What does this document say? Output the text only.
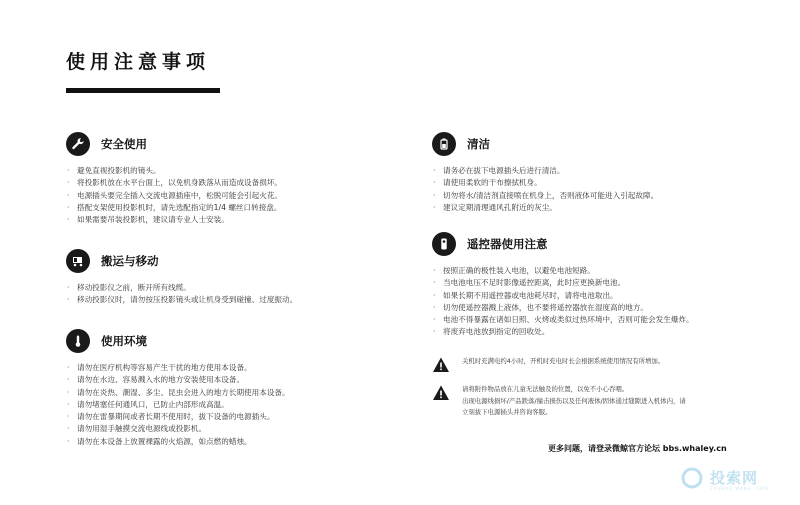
使用注意事项
安全使用
· 避免直视投影机的镜头。
· 将投影机放在水平台面上，以免机身跌落从而造成设备损坏。
· 电源插头要完全插入交流电源插座中，松脱可能会引起火花。
· 搭配支架使用投影机时，请先选配指定的1/4 螺丝口转接盘。
· 如果需要吊装投影机，建议请专业人士安装。
搬运与移动
· 移动投影仪之前，断开所有线缆。
· 移动投影仪时，请勿按压投影镜头或让机身受到碰撞、过度振动。
使用环境
· 请勿在医疗机构等容易产生干扰的地方使用本设备。
· 请勿在水边、容易溅入水的地方安装使用本设备。
· 请勿在炎热、潮湿、多尘、昆虫会进入的地方长期使用本设备。
· 请勿堵塞任何通风口，已防止内部形成高温。
· 请勿在雷暴期间或者长期不使用时，拔下设备的电源插头。
· 请勿用湿手触摸交流电源线或投影机。
· 请勿在本设备上放置裸露的火焰源，如点燃的蜡烛。
清洁
· 请务必在拔下电源插头后进行清洁。
· 请使用柔软的干布擦拭机身。
· 切勿将水/清洁剂直接喷在机身上，否则液体可能进入引起故障。
· 建议定期清理通风孔附近的灰尘。
遥控器使用注意
· 按照正确的极性装入电池，以避免电池短路。
· 当电池电压不足时影像遥控距离，此时应更换新电池。
· 如果长期不用遥控器或电池耗尽时，请将电池取出。
· 切勿使遥控器溅上液体，也不要将遥控器放在湿度高的地方。
· 电池不得暴露在诸如日照、火烤或类似过热环境中，否则可能会发生爆炸。
· 将废弃电池放到指定的回收处。

关机时充满电约4小时，开机时充电时长会根据系统使用情况有所增加。

请将附件物品放在儿童无法触及的位置，以免不小心吞咽。

出现电源线损坏/产品跌落/撞击损伤以及任何液体/固体通过缝隙进入机体内，请

立刻拔下电源插头并咨询客服。

更多问题，请登录微鲸官方论坛 bbs.whaley.cn
投索网
TOUSUO WANG .COM
